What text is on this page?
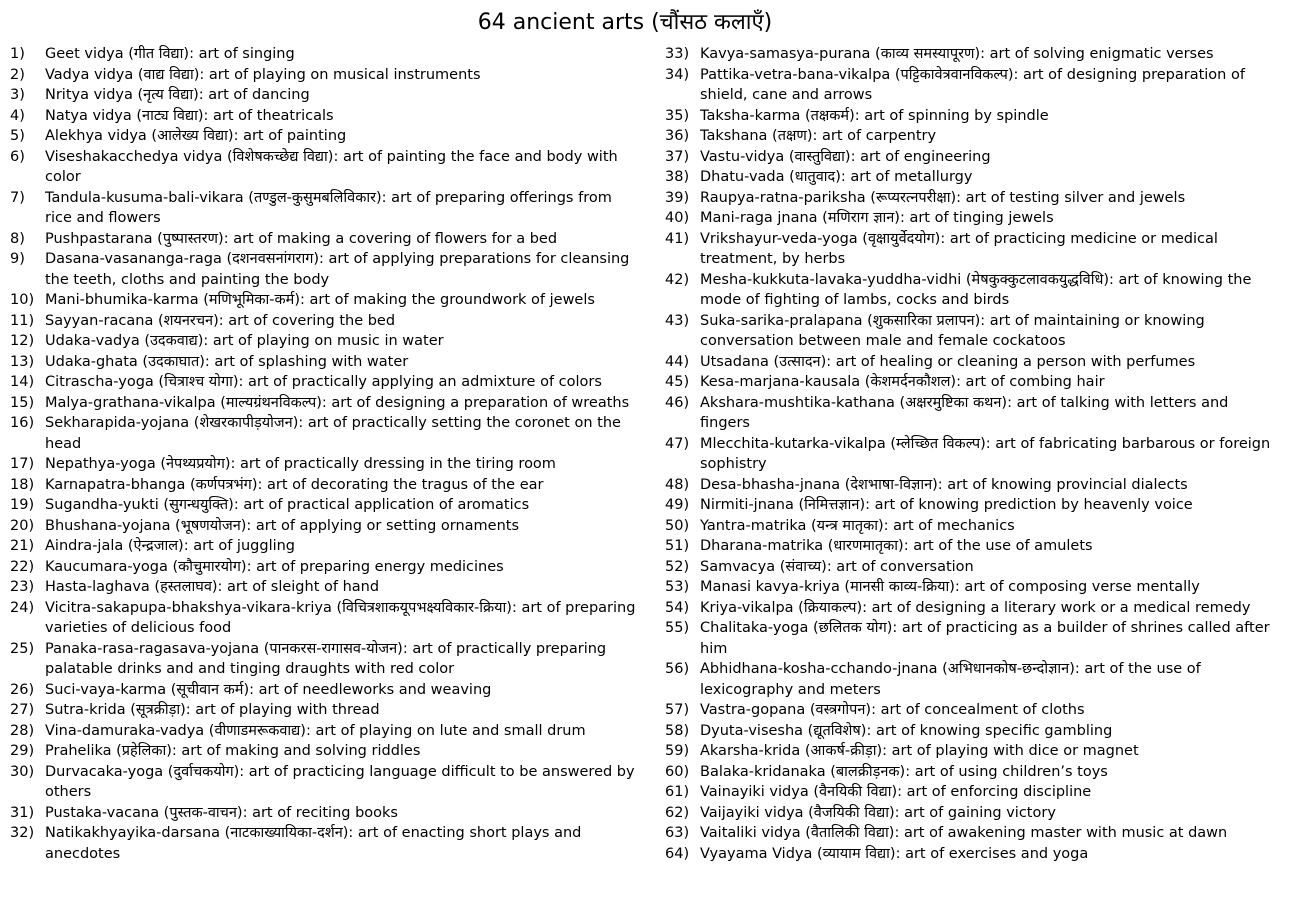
64 ancient arts (चौंसठ कलाएँ)
1)	Geet vidya (गीत विद्या): art of singing
2)	Vadya vidya (वाद्य विद्या): art of playing on musical instruments
3)	Nritya vidya (नृत्य विद्या): art of dancing
4)	Natya vidya (नाट्य विद्या): art of theatricals
5)	Alekhya vidya (आलेख्य विद्या): art of painting
6)	Viseshakacchedya vidya (विशेषकच्छेद्य विद्या): art of painting the face and body with color
7)	Tandula-kusuma-bali-vikara (तण्डुल-कुसुमबलिविकार): art of preparing offerings from rice and flowers
8)	Pushpastarana (पुष्पास्तरण): art of making a covering of flowers for a bed
9)	Dasana-vasananga-raga (दशनवसनांगराग): art of applying preparations for cleansing the teeth, cloths and painting the body
10) Mani-bhumika-karma (मणिभूमिका-कर्म): art of making the groundwork of jewels
11) Sayyan-racana (शयनरचन): art of covering the bed
12) Udaka-vadya (उदकवाद्य): art of playing on music in water
13) Udaka-ghata (उदकाघात): art of splashing with water
14) Citrascha-yoga (चित्राश्च योगा): art of practically applying an admixture of colors
15) Malya-grathana-vikalpa (माल्यग्रंथनविकल्प): art of designing a preparation of wreaths
16) Sekharapida-yojana (शेखरकापीड़योजन): art of practically setting the coronet on the head
17) Nepathya-yoga (नेपथ्यप्रयोग): art of practically dressing in the tiring room
18) Karnapatra-bhanga (कर्णपत्रभंग): art of decorating the tragus of the ear
19) Sugandha-yukti (सुगन्धयुक्ति): art of practical application of aromatics
20) Bhushana-yojana (भूषणयोजन): art of applying or setting ornaments
21) Aindra-jala (ऐन्द्रजाल): art of juggling
22) Kaucumara-yoga (कौचुमारयोग): art of preparing energy medicines
23) Hasta-laghava (हस्तलाघव): art of sleight of hand
24) Vicitra-sakapupa-bhakshya-vikara-kriya (विचित्रशाकयूपभक्ष्यविकार-क्रिया): art of preparing varieties of delicious food
25) Panaka-rasa-ragasava-yojana (पानकरस-रागासव-योजन): art of practically preparing palatable drinks and and tinging draughts with red color
26) Suci-vaya-karma (सूचीवान कर्म): art of needleworks and weaving
27) Sutra-krida (सूत्रक्रीड़ा): art of playing with thread
28) Vina-damuraka-vadya (वीणाडमरूकवाद्य): art of playing on lute and small drum
29) Prahelika (प्रहेलिका): art of making and solving riddles
30) Durvacaka-yoga (दुर्वाचकयोग): art of practicing language difficult to be answered by others
31) Pustaka-vacana (पुस्तक-वाचन): art of reciting books
32) Natikakhyayika-darsana (नाटकाख्यायिका-दर्शन): art of enacting short plays and anecdotes
33) Kavya-samasya-purana (काव्य समस्यापूरण): art of solving enigmatic verses
34) Pattika-vetra-bana-vikalpa (पट्टिकावेत्रवानविकल्प): art of designing preparation of shield, cane and arrows
35) Taksha-karma (तक्षकर्म): art of spinning by spindle
36) Takshana (तक्षण): art of carpentry
37) Vastu-vidya (वास्तुविद्या): art of engineering
38) Dhatu-vada (धातुवाद): art of metallurgy
39) Raupya-ratna-pariksha (रूप्यरत्नपरीक्षा): art of testing silver and jewels
40) Mani-raga jnana (मणिराग ज्ञान): art of tinging jewels
41) Vrikshayur-veda-yoga (वृक्षायुर्वेदयोग): art of practicing medicine or medical treatment, by herbs
42) Mesha-kukkuta-lavaka-yuddha-vidhi (मेषकुक्कुटलावकयुद्धविधि): art of knowing the mode of fighting of lambs, cocks and birds
43) Suka-sarika-pralapana (शुकसारिका प्रलापन): art of maintaining or knowing conversation between male and female cockatoos
44) Utsadana (उत्सादन): art of healing or cleaning a person with perfumes
45) Kesa-marjana-kausala (केशमर्दनकौशल): art of combing hair
46) Akshara-mushtika-kathana (अक्षरमुष्टिका कथन): art of talking with letters and fingers
47) Mlecchita-kutarka-vikalpa (म्लेच्छित विकल्प): art of fabricating barbarous or foreign sophistry
48) Desa-bhasha-jnana (देशभाषा-विज्ञान): art of knowing provincial dialects
49) Nirmiti-jnana (निमित्तज्ञान): art of knowing prediction by heavenly voice
50) Yantra-matrika (यन्त्र मातृका): art of mechanics
51) Dharana-matrika (धारणमातृका): art of the use of amulets
52) Samvacya (संवाच्य): art of conversation
53) Manasi kavya-kriya (मानसी काव्य-क्रिया): art of composing verse mentally
54) Kriya-vikalpa (क्रियाकल्प): art of designing a literary work or a medical remedy
55) Chalitaka-yoga (छलितक योग): art of practicing as a builder of shrines called after him
56) Abhidhana-kosha-cchando-jnana (अभिधानकोष-छन्दोज्ञान): art of the use of lexicography and meters
57) Vastra-gopana (वस्त्रगोपन): art of concealment of cloths
58) Dyuta-visesha (द्यूतविशेष): art of knowing specific gambling
59) Akarsha-krida (आकर्ष-क्रीड़ा): art of playing with dice or magnet
60) Balaka-kridanaka (बालक्रीड़नक): art of using children’s toys
61) Vainayiki vidya (वैनयिकी विद्या): art of enforcing discipline
62) Vaijayiki vidya (वैजयिकी विद्या): art of gaining victory
63) Vaitaliki vidya (वैतालिकी विद्या): art of awakening master with music at dawn
64) Vyayama Vidya (व्यायाम विद्या): art of exercises and yoga
